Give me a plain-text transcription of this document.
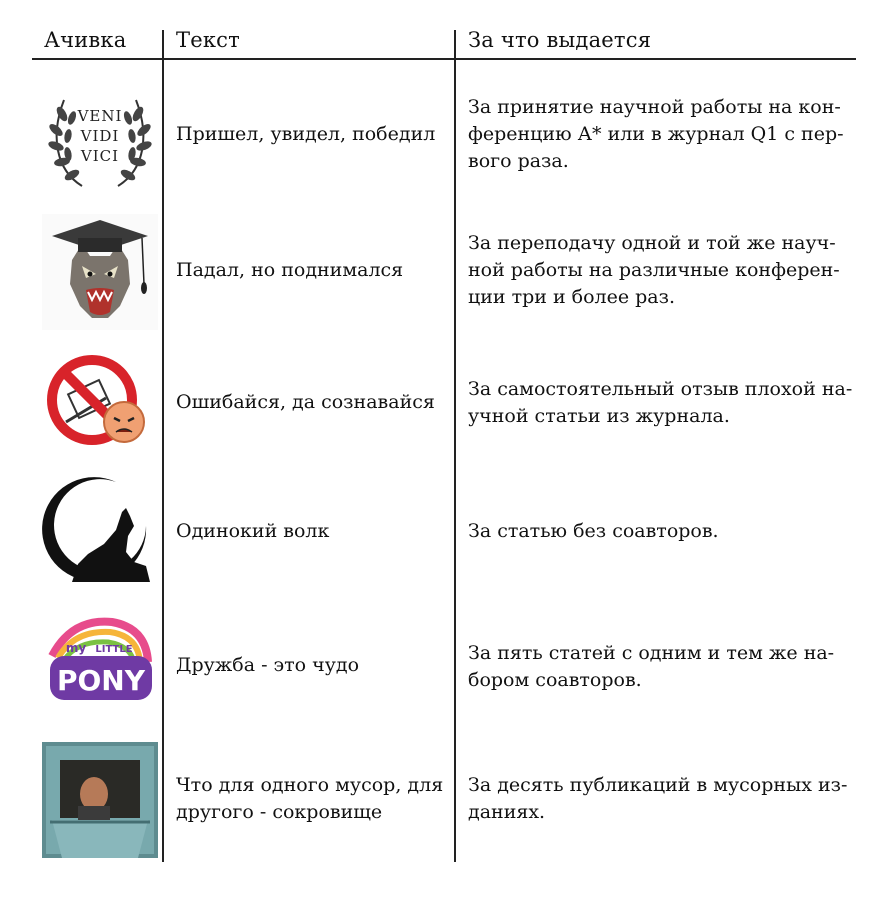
Ачивка Текст	За что выдается
VENI
VIDI
VICI
Пришел, увидел, победил
За принятие научной работы на кон-
ференцию А* или в журнал Q1 с пер-
вого раза.
Падал, но поднимался
За переподачу одной и той же науч-
ной работы на различные конферен-
ции три и более раз.
Ошибайся, да сознавайся
За самостоятельный отзыв плохой на-
учной статьи из журнала.
Одинокий волк	За статью без соавторов.
my LITTLE
PONY Дружба - это чудо
За пять статей с одним и тем же на-
бором соавторов.
Что для одного мусор, для
другого - сокровище
За десять публикаций в мусорных из-
даниях.
